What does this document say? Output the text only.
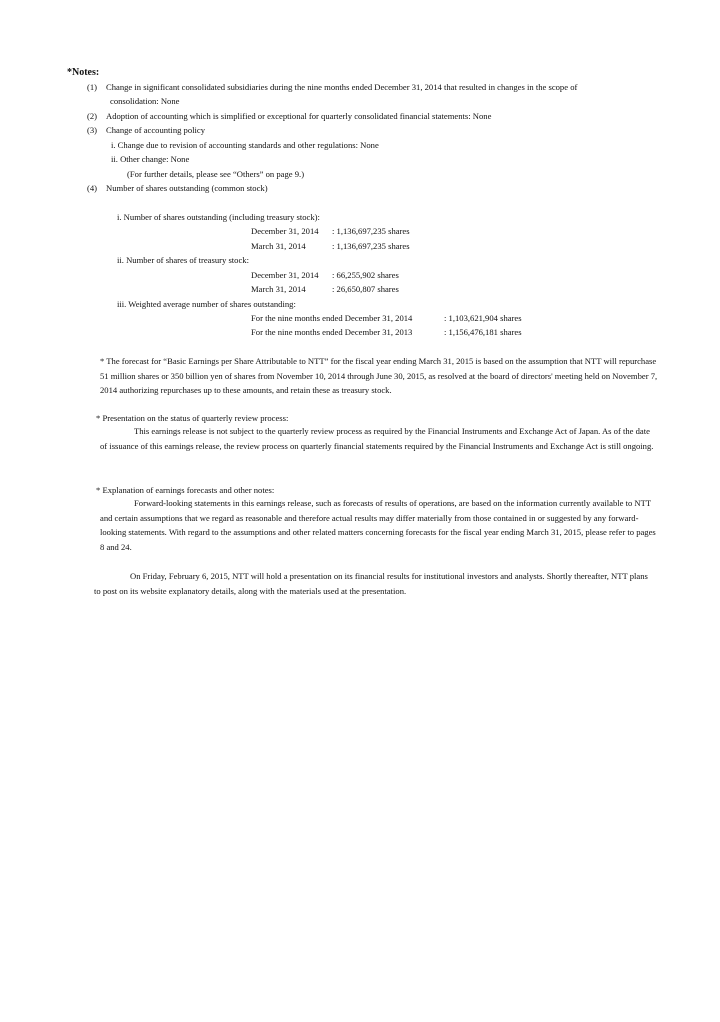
*Notes:
(1) Change in significant consolidated subsidiaries during the nine months ended December 31, 2014 that resulted in changes in the scope of
consolidation: None
(2) Adoption of accounting which is simplified or exceptional for quarterly consolidated financial statements: None
(3) Change of accounting policy
i. Change due to revision of accounting standards and other regulations: None
ii. Other change: None
(For further details, please see “Others” on page 9.)
(4) Number of shares outstanding (common stock)
i. Number of shares outstanding (including treasury stock):
December 31, 2014 : 1,136,697,235 shares
March 31, 2014	: 1,136,697,235 shares
ii. Number of shares of treasury stock:
December 31, 2014 : 66,255,902 shares
March 31, 2014	: 26,650,807 shares
iii. Weighted average number of shares outstanding:
For the nine months ended December 31, 2014	: 1,103,621,904 shares
For the nine months ended December 31, 2013	: 1,156,476,181 shares
* The forecast for “Basic Earnings per Share Attributable to NTT” for the fiscal year ending March 31, 2015 is based on the assumption that NTT will repurchase 51 million shares or 350 billion yen of shares from November 10, 2014 through June 30, 2015, as resolved at the board of directors' meeting held on November 7, 2014 authorizing repurchases up to these amounts, and retain these as treasury stock.
* Presentation on the status of quarterly review process:
This earnings release is not subject to the quarterly review process as required by the Financial Instruments and Exchange Act of Japan. As of the date of issuance of this earnings release, the review process on quarterly financial statements required by the Financial Instruments and Exchange Act is still ongoing.
* Explanation of earnings forecasts and other notes:
Forward-looking statements in this earnings release, such as forecasts of results of operations, are based on the information currently available to NTT and certain assumptions that we regard as reasonable and therefore actual results may differ materially from those contained in or suggested by any forward-looking statements. With regard to the assumptions and other related matters concerning forecasts for the fiscal year ending March 31, 2015, please refer to pages 8 and 24.
On Friday, February 6, 2015, NTT will hold a presentation on its financial results for institutional investors and analysts. Shortly thereafter, NTT plans to post on its website explanatory details, along with the materials used at the presentation.
